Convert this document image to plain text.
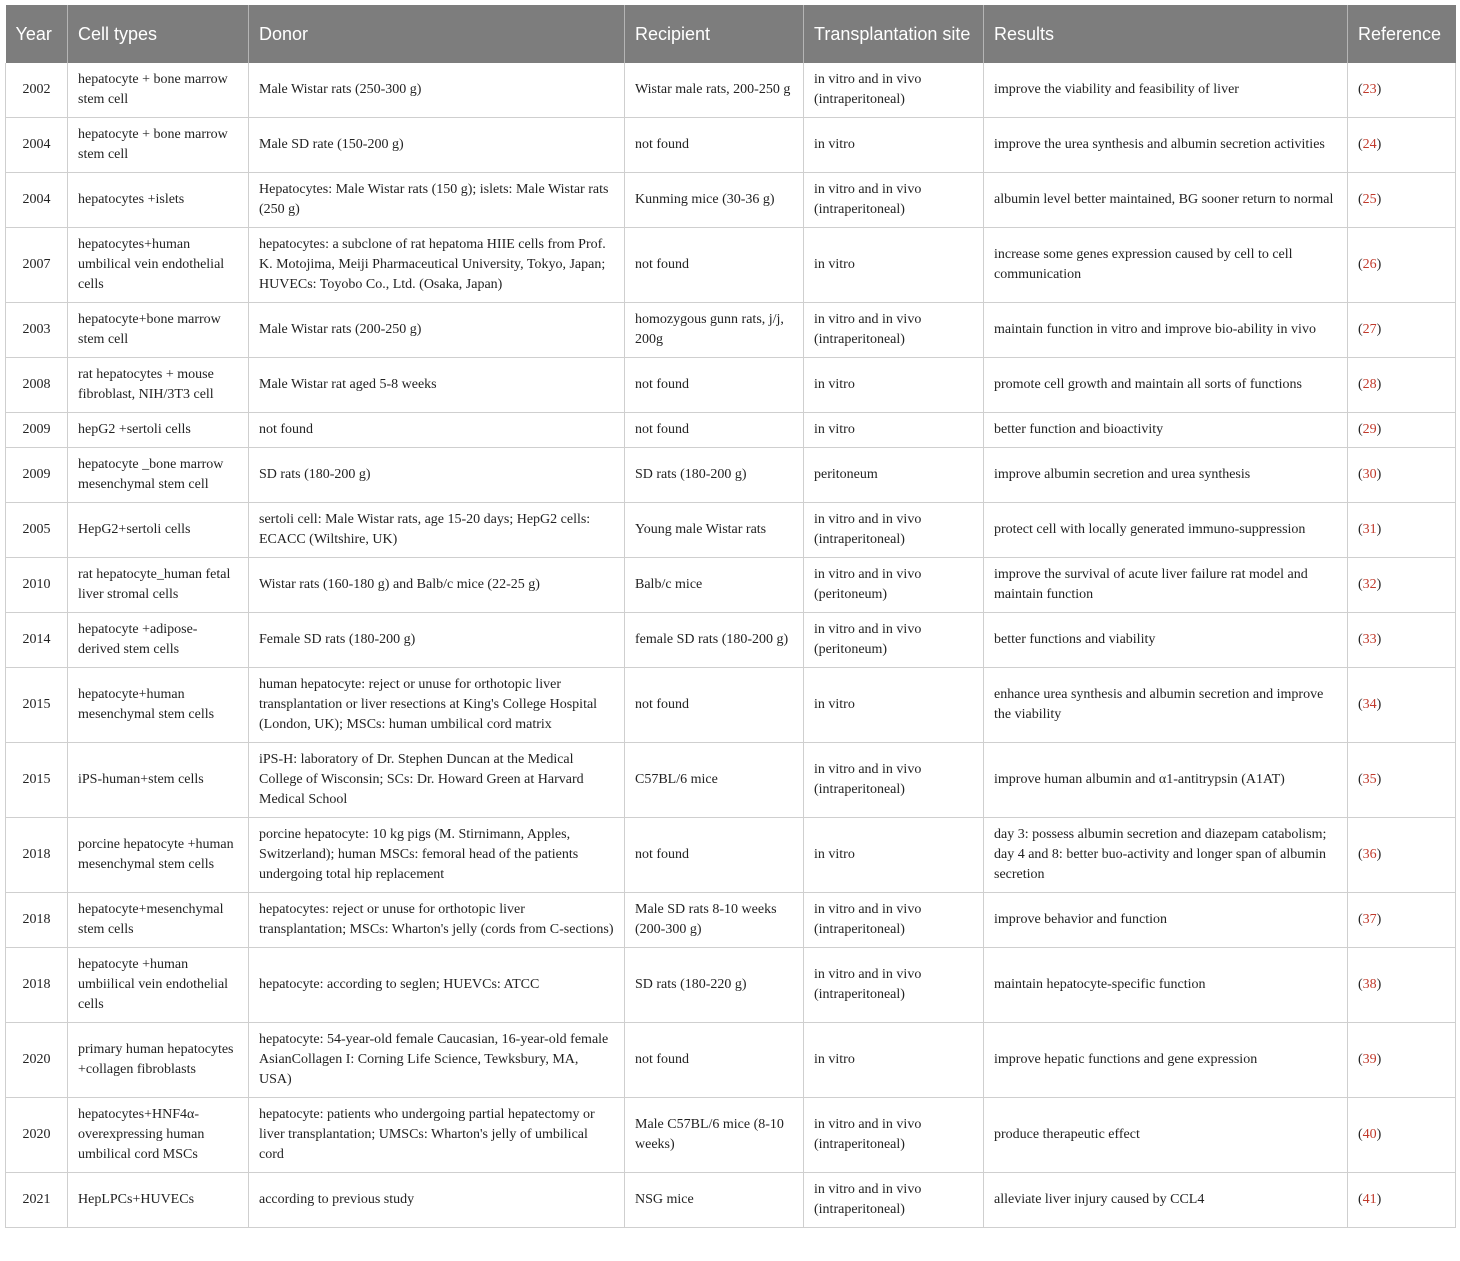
Year	Cell types	Donor	Recipient	Transplantation site	Results	Reference
2002	hepatocyte + bone marrow stem cell	Male Wistar rats (250-300 g)	Wistar male rats, 200-250 g	in vitro and in vivo (intraperitoneal)	improve the viability and feasibility of liver	(23)
2004	hepatocyte + bone marrow stem cell	Male SD rate (150-200 g)	not found	in vitro	improve the urea synthesis and albumin secretion activities	(24)
2004	hepatocytes +islets	Hepatocytes: Male Wistar rats (150 g); islets: Male Wistar rats (250 g)	Kunming mice (30-36 g)	in vitro and in vivo (intraperitoneal)	albumin level better maintained, BG sooner return to normal	(25)
2007	hepatocytes+human umbilical vein endothelial cells	hepatocytes: a subclone of rat hepatoma HIIE cells from Prof. K. Motojima, Meiji Pharmaceutical University, Tokyo, Japan; HUVECs: Toyobo Co., Ltd. (Osaka, Japan)	not found	in vitro	increase some genes expression caused by cell to cell communication	(26)
2003	hepatocyte+bone marrow stem cell	Male Wistar rats (200-250 g)	homozygous gunn rats, j/j, 200g	in vitro and in vivo (intraperitoneal)	maintain function in vitro and improve bio-ability in vivo	(27)
2008	rat hepatocytes + mouse fibroblast, NIH/3T3 cell	Male Wistar rat aged 5-8 weeks	not found	in vitro	promote cell growth and maintain all sorts of functions	(28)
2009	hepG2 +sertoli cells	not found	not found	in vitro	better function and bioactivity	(29)
2009	hepatocyte _bone marrow mesenchymal stem cell	SD rats (180-200 g)	SD rats (180-200 g)	peritoneum	improve albumin secretion and urea synthesis	(30)
2005	HepG2+sertoli cells	sertoli cell: Male Wistar rats, age 15-20 days; HepG2 cells: ECACC (Wiltshire, UK)	Young male Wistar rats	in vitro and in vivo (intraperitoneal)	protect cell with locally generated immuno-suppression	(31)
2010	rat hepatocyte_human fetal liver stromal cells	Wistar rats (160-180 g) and Balb/c mice (22-25 g)	Balb/c mice	in vitro and in vivo (peritoneum)	improve the survival of acute liver failure rat model and maintain function	(32)
2014	hepatocyte +adipose-derived stem cells	Female SD rats (180-200 g)	female SD rats (180-200 g)	in vitro and in vivo (peritoneum)	better functions and viability	(33)
2015	hepatocyte+human mesenchymal stem cells	human hepatocyte: reject or unuse for orthotopic liver transplantation or liver resections at King's College Hospital (London, UK); MSCs: human umbilical cord matrix	not found	in vitro	enhance urea synthesis and albumin secretion and improve the viability	(34)
2015	iPS-human+stem cells	iPS-H: laboratory of Dr. Stephen Duncan at the Medical College of Wisconsin; SCs: Dr. Howard Green at Harvard Medical School	C57BL/6 mice	in vitro and in vivo (intraperitoneal)	improve human albumin and α1-antitrypsin (A1AT)	(35)
2018	porcine hepatocyte +human mesenchymal stem cells	porcine hepatocyte: 10 kg pigs (M. Stirnimann, Apples, Switzerland); human MSCs: femoral head of the patients undergoing total hip replacement	not found	in vitro	day 3: possess albumin secretion and diazepam catabolism; day 4 and 8: better buo-activity and longer span of albumin secretion	(36)
2018	hepatocyte+mesenchymal stem cells	hepatocytes: reject or unuse for orthotopic liver transplantation; MSCs: Wharton's jelly (cords from C-sections)	Male SD rats 8-10 weeks (200-300 g)	in vitro and in vivo (intraperitoneal)	improve behavior and function	(37)
2018	hepatocyte +human umbiilical vein endothelial cells	hepatocyte: according to seglen; HUEVCs: ATCC	SD rats (180-220 g)	in vitro and in vivo (intraperitoneal)	maintain hepatocyte-specific function	(38)
2020	primary human hepatocytes +collagen fibroblasts	hepatocyte: 54-year-old female Caucasian, 16-year-old female AsianCollagen I: Corning Life Science, Tewksbury, MA, USA)	not found	in vitro	improve hepatic functions and gene expression	(39)
2020	hepatocytes+HNF4α-overexpressing human umbilical cord MSCs	hepatocyte: patients who undergoing partial hepatectomy or liver transplantation; UMSCs: Wharton's jelly of umbilical cord	Male C57BL/6 mice (8-10 weeks)	in vitro and in vivo (intraperitoneal)	produce therapeutic effect	(40)
2021	HepLPCs+HUVECs	according to previous study	NSG mice	in vitro and in vivo (intraperitoneal)	alleviate liver injury caused by CCL4	(41)
